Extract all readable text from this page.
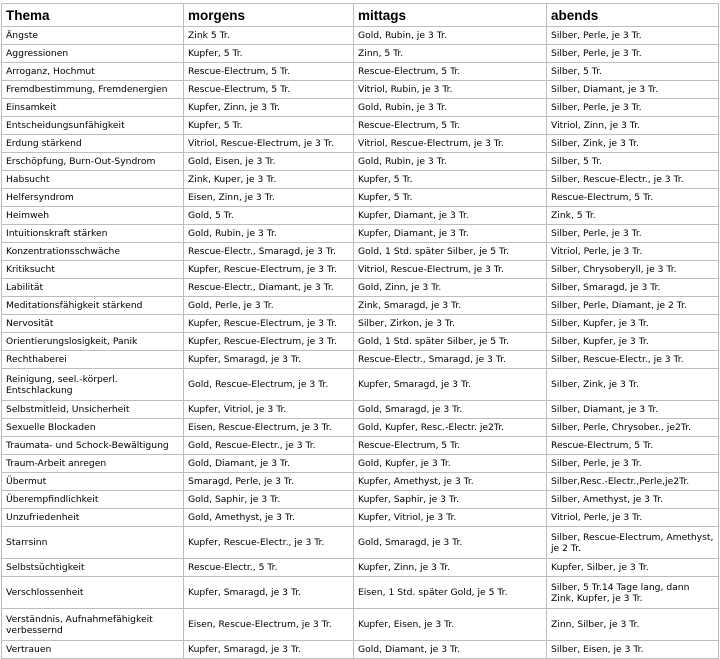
Thema	morgens	mittags	abends
Ängste	Zink 5 Tr.	Gold, Rubin, je 3 Tr.	Silber, Perle, je 3 Tr.
Aggressionen	Kupfer, 5 Tr.	Zinn, 5 Tr.	Silber, Perle, je 3 Tr.
Arroganz, Hochmut	Rescue-Electrum, 5 Tr.	Rescue-Electrum, 5 Tr.	Silber, 5 Tr.
Fremdbestimmung, Fremdenergien	Rescue-Electrum, 5 Tr.	Vitriol, Rubin, je 3 Tr.	Silber, Diamant, je 3 Tr.
Einsamkeit	Kupfer, Zinn, je 3 Tr.	Gold, Rubin, je 3 Tr.	Silber, Perle, je 3 Tr.
Entscheidungsunfähigkeit	Kupfer, 5 Tr.	Rescue-Electrum, 5 Tr.	Vitriol, Zinn, je 3 Tr.
Erdung stärkend	Vitriol, Rescue-Electrum, je 3 Tr.	Vitriol, Rescue-Electrum, je 3 Tr.	Silber, Zink, je 3 Tr.
Erschöpfung, Burn-Out-Syndrom	Gold, Eisen, je 3 Tr.	Gold, Rubin, je 3 Tr.	Silber, 5 Tr.
Habsucht	Zink, Kuper, je 3 Tr.	Kupfer, 5 Tr.	Silber, Rescue-Electr., je 3 Tr.
Helfersyndrom	Eisen, Zinn, je 3 Tr.	Kupfer, 5 Tr.	Rescue-Electrum, 5 Tr.
Heimweh	Gold, 5 Tr.	Kupfer, Diamant, je 3 Tr.	Zink, 5 Tr.
Intuitionskraft stärken	Gold, Rubin, je 3 Tr.	Kupfer, Diamant, je 3 Tr.	Silber, Perle, je 3 Tr.
Konzentrationsschwäche	Rescue-Electr., Smaragd, je 3 Tr.	Gold, 1 Std. später Silber, je 5 Tr.	Vitriol, Perle, je 3 Tr.
Kritiksucht	Kupfer, Rescue-Electrum, je 3 Tr.	Vitriol, Rescue-Electrum, je 3 Tr.	Silber, Chrysoberyll, je 3 Tr.
Labilität	Rescue-Electr., Diamant, je 3 Tr.	Gold, Zinn, je 3 Tr.	Silber, Smaragd, je 3 Tr.
Meditationsfähigkeit stärkend	Gold, Perle, je 3 Tr.	Zink, Smaragd, je 3 Tr.	Silber, Perle, Diamant, je 2 Tr.
Nervosität	Kupfer, Rescue-Electrum, je 3 Tr.	Silber, Zirkon, je 3 Tr.	Silber, Kupfer, je 3 Tr.
Orientierungslosigkeit, Panik	Kupfer, Rescue-Electrum, je 3 Tr.	Gold, 1 Std. später Silber, je 5 Tr.	Silber, Kupfer, je 3 Tr.
Rechthaberei	Kupfer, Smaragd, je 3 Tr.	Rescue-Electr., Smaragd, je 3 Tr.	Silber, Rescue-Electr., je 3 Tr.
Reinigung, seel.-körperl. Entschlackung	Gold, Rescue-Electrum, je 3 Tr.	Kupfer, Smaragd, je 3 Tr.	Silber, Zink, je 3 Tr.
Selbstmitleid, Unsicherheit	Kupfer, Vitriol, je 3 Tr.	Gold, Smaragd, je 3 Tr.	Silber, Diamant, je 3 Tr.
Sexuelle Blockaden	Eisen, Rescue-Electrum, je 3 Tr.	Gold, Kupfer, Resc.-Electr. je2Tr.	Silber, Perle, Chrysober., je2Tr.
Traumata- und Schock-Bewältigung	Gold, Rescue-Electr., je 3 Tr.	Rescue-Electrum, 5 Tr.	Rescue-Electrum, 5 Tr.
Traum-Arbeit anregen	Gold, Diamant, je 3 Tr.	Gold, Kupfer, je 3 Tr.	Silber, Perle, je 3 Tr.
Übermut	Smaragd, Perle, je 3 Tr.	Kupfer, Amethyst, je 3 Tr.	Silber,Resc.-Electr.,Perle,je2Tr.
Überempfindlichkeit	Gold, Saphir, je 3 Tr.	Kupfer, Saphir, je 3 Tr.	Silber, Amethyst, je 3 Tr.
Unzufriedenheit	Gold, Amethyst, je 3 Tr.	Kupfer, Vitriol, je 3 Tr.	Vitriol, Perle, je 3 Tr.
Starrsinn	Kupfer, Rescue-Electr., je 3 Tr.	Gold, Smaragd, je 3 Tr.	Silber, Rescue-Electrum, Amethyst, je 2 Tr.
Selbstsüchtigkeit	Rescue-Electr., 5 Tr.	Kupfer, Zinn, je 3 Tr.	Kupfer, Silber, je 3 Tr.
Verschlossenheit	Kupfer, Smaragd, je 3 Tr.	Eisen, 1 Std. später Gold, je 5 Tr.	Silber, 5 Tr.14 Tage lang, dann Zink, Kupfer, je 3 Tr.
Verständnis, Aufnahmefähigkeit verbessernd	Eisen, Rescue-Electrum, je 3 Tr.	Kupfer, Eisen, je 3 Tr.	Zinn, Silber, je 3 Tr.
Vertrauen	Kupfer, Smaragd, je 3 Tr.	Gold, Diamant, je 3 Tr.	Silber, Eisen, je 3 Tr.
